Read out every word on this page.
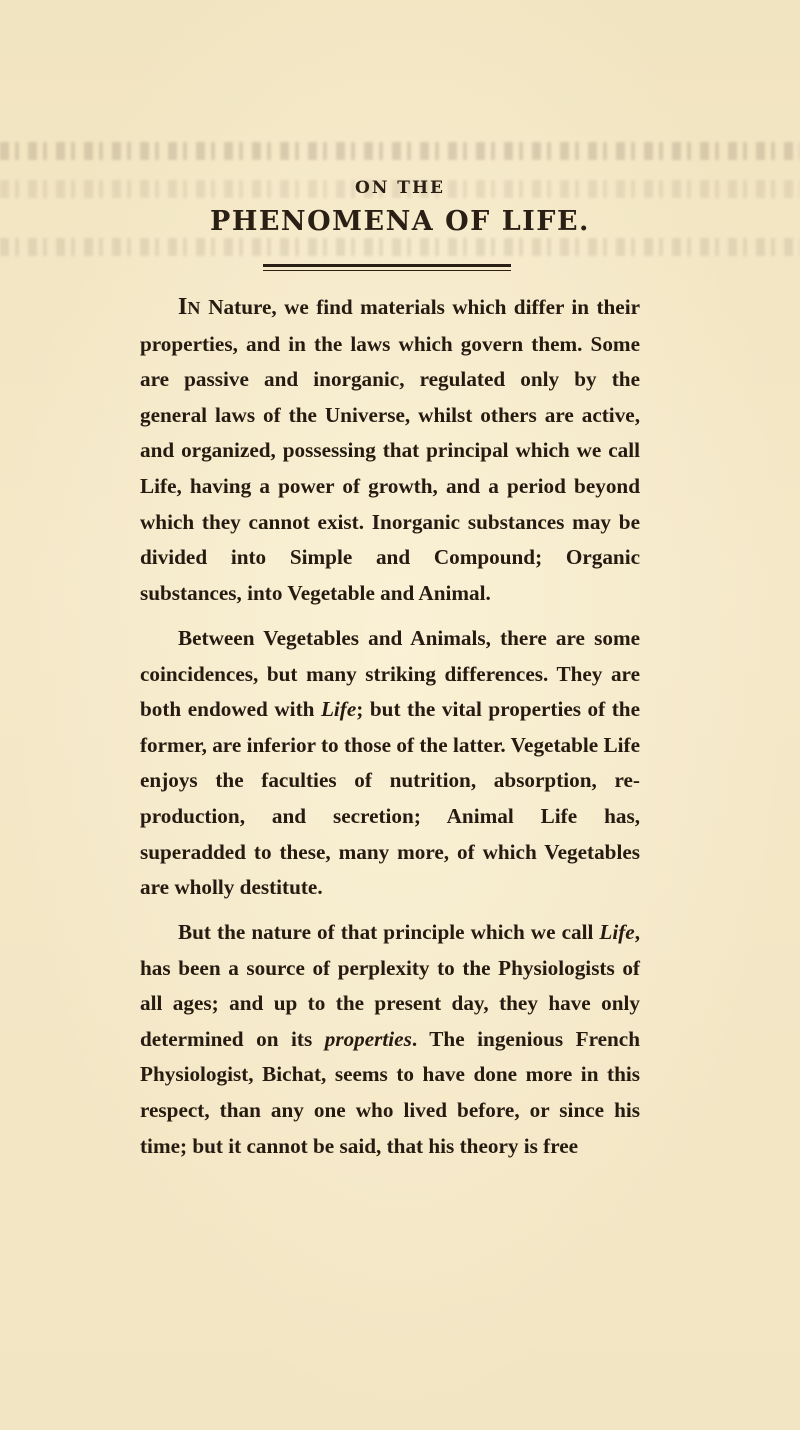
ON THE
PHENOMENA OF LIFE.
IN Nature, we find materials which differ in their properties, and in the laws which govern them. Some are passive and inorganic, regulated only by the general laws of the Universe, whilst others are active, and organized, possessing that principal which we call Life, having a power of growth, and a period beyond which they cannot exist. Inorganic substances may be divided into Simple and Compound; Organic substances, into Vegetable and Animal.
Between Vegetables and Animals, there are some coincidences, but many striking differences. They are both endowed with Life; but the vital properties of the former, are inferior to those of the latter. Vegetable Life enjoys the faculties of nutrition, absorption, re-production, and secretion; Animal Life has, superadded to these, many more, of which Vegetables are wholly destitute.
But the nature of that principle which we call Life, has been a source of perplexity to the Physiologists of all ages; and up to the present day, they have only determined on its properties. The ingenious French Physiologist, Bichat, seems to have done more in this respect, than any one who lived before, or since his time; but it cannot be said, that his theory is free
